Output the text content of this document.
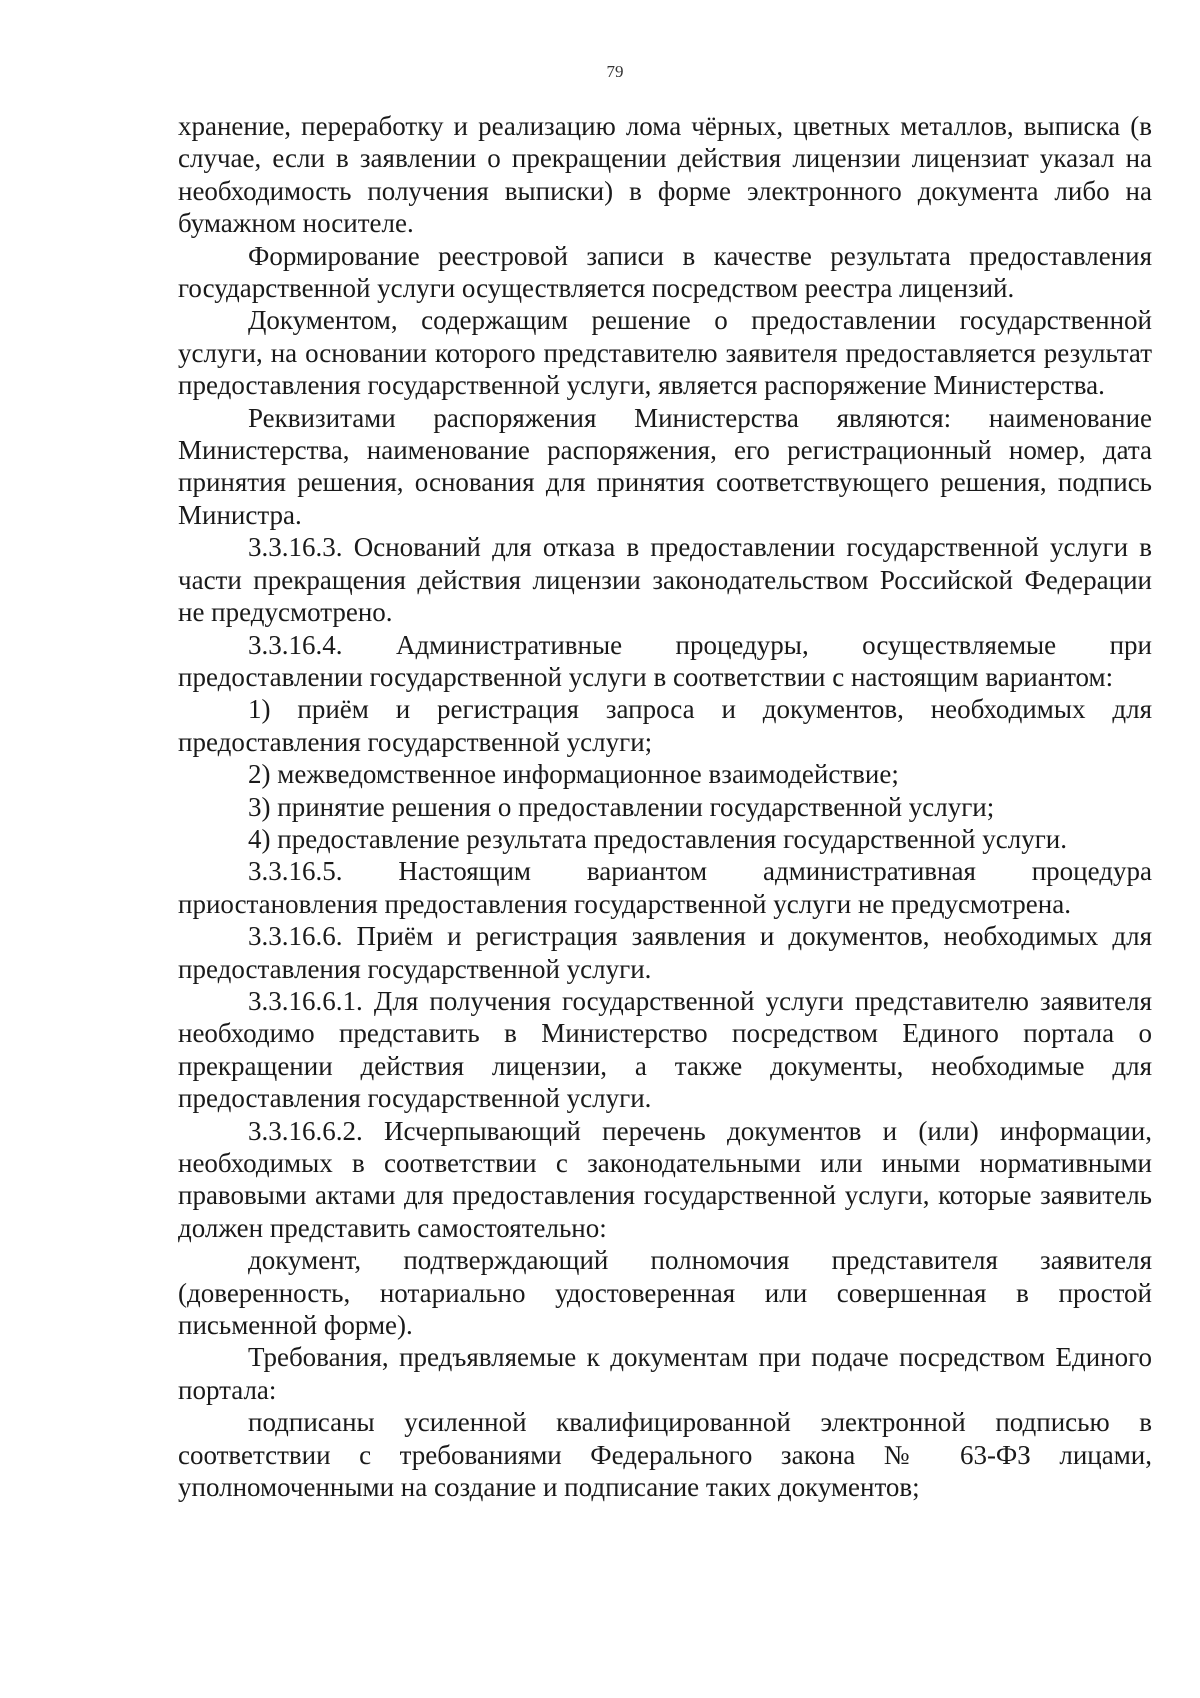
79

хранение, переработку и реализацию лома чёрных, цветных металлов, выписка (в случае, если в заявлении о прекращении действия лицензии лицензиат указал на необходимость получения выписки) в форме электронного документа либо на бумажном носителе.

Формирование реестровой записи в качестве результата предоставления государственной услуги осуществляется посредством реестра лицензий.

Документом, содержащим решение о предоставлении государственной услуги, на основании которого представителю заявителя предоставляется результат предоставления государственной услуги, является распоряжение Министерства.

Реквизитами распоряжения Министерства являются: наименование Министерства, наименование распоряжения, его регистрационный номер, дата принятия решения, основания для принятия соответствующего решения, подпись Министра.

3.3.16.3. Оснований для отказа в предоставлении государственной услуги в части прекращения действия лицензии законодательством Российской Федерации не предусмотрено.

3.3.16.4. Административные процедуры, осуществляемые при предоставлении государственной услуги в соответствии с настоящим вариантом:

1) приём и регистрация запроса и документов, необходимых для предоставления государственной услуги;

2) межведомственное информационное взаимодействие;

3) принятие решения о предоставлении государственной услуги;

4) предоставление результата предоставления государственной услуги.

3.3.16.5. Настоящим вариантом административная процедура приостановления предоставления государственной услуги не предусмотрена.

3.3.16.6. Приём и регистрация заявления и документов, необходимых для предоставления государственной услуги.

3.3.16.6.1. Для получения государственной услуги представителю заявителя необходимо представить в Министерство посредством Единого портала о прекращении действия лицензии, а также документы, необходимые для предоставления государственной услуги.

3.3.16.6.2. Исчерпывающий перечень документов и (или) информации, необходимых в соответствии с законодательными или иными нормативными правовыми актами для предоставления государственной услуги, которые заявитель должен представить самостоятельно:

документ, подтверждающий полномочия представителя заявителя (доверенность, нотариально удостоверенная или совершенная в простой письменной форме).

Требования, предъявляемые к документам при подаче посредством Единого портала:

подписаны усиленной квалифицированной электронной подписью в соответствии с требованиями Федерального закона № 63-ФЗ лицами, уполномоченными на создание и подписание таких документов;
